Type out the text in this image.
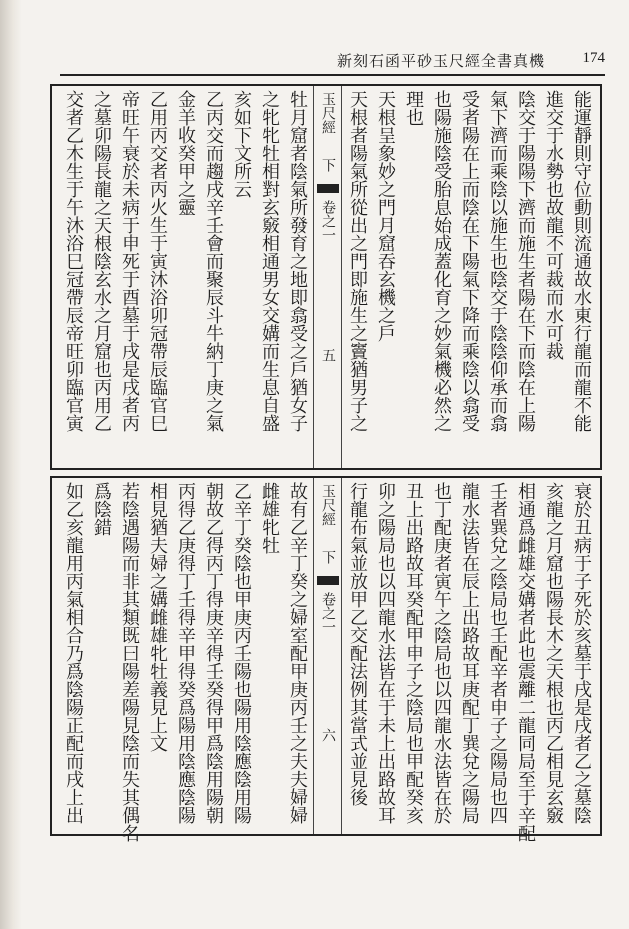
新刻石函平砂玉尺經全書真機	174
能運靜則守位動則流通故水東行龍而龍不能
進交于水勢也故龍不可裁而水可裁
陰交于陽陽下濟而施生者陽在下而陰在上陽
氣下濟而乘陰以施生也陰交于陰陰仰承而翕
受者陽在上而陰在下陽氣下降而乘陰以翕受
也陽施陰受胎息始成蓋化育之妙氣機必然之
理也
天根呈象妙之門月窟吞玄機之戶
天根者陽氣所從出之門即施生之竇猶男子之
玉尺經
下
卷之一
五
牡月窟者陰氣所發育之地即翕受之戶猶女子
之牝牝牡相對玄竅相通男女交媾而生息自盛
亥如下文所云
乙丙交而趨戌辛壬會而聚辰斗牛納丁庚之氣
金羊收癸甲之靈
乙用丙交者丙火生于寅沐浴卯冠帶辰臨官巳
帝旺午衰於未病于申死于酉墓于戌是戌者丙
之墓卯陽長龍之天根陰玄水之月窟也丙用乙
交者乙木生于午沐浴巳冠帶辰帝旺卯臨官寅
衰於丑病于子死於亥墓于戌是戌者乙之墓陰
亥龍之月窟也陽長木之天根也丙乙相見玄竅
相通爲雌雄交媾者此也震離二龍同局至于辛配
壬者巽兌之陰局也壬配辛者申子之陽局也四
龍水法皆在辰上出路故耳庚配丁巽兌之陽局
也丁配庚者寅午之陰局也以四龍水法皆在於
丑上出路故耳癸配甲申子之陰局也甲配癸亥
卯之陽局也以四龍水法皆在于未上出路故耳
行龍布氣並放甲乙交配法例其當式並見後
玉尺經
下
卷之一
六
故有乙辛丁癸之婦室配甲庚丙壬之夫夫婦婦
雌雄牝牡
乙辛丁癸陰也甲庚丙壬陽也陽用陰應陰用陽
朝故乙得丙丁得庚辛得壬癸得甲爲陰用陽朝
丙得乙庚得丁壬得辛甲得癸爲陽用陰應陰陽
相見猶夫婦之媾雌雄牝牡義見上文
若陰遇陽而非其類既曰陽差陽見陰而失其偶名
爲陰錯
如乙亥龍用丙氣相合乃爲陰陽正配而戌上出
